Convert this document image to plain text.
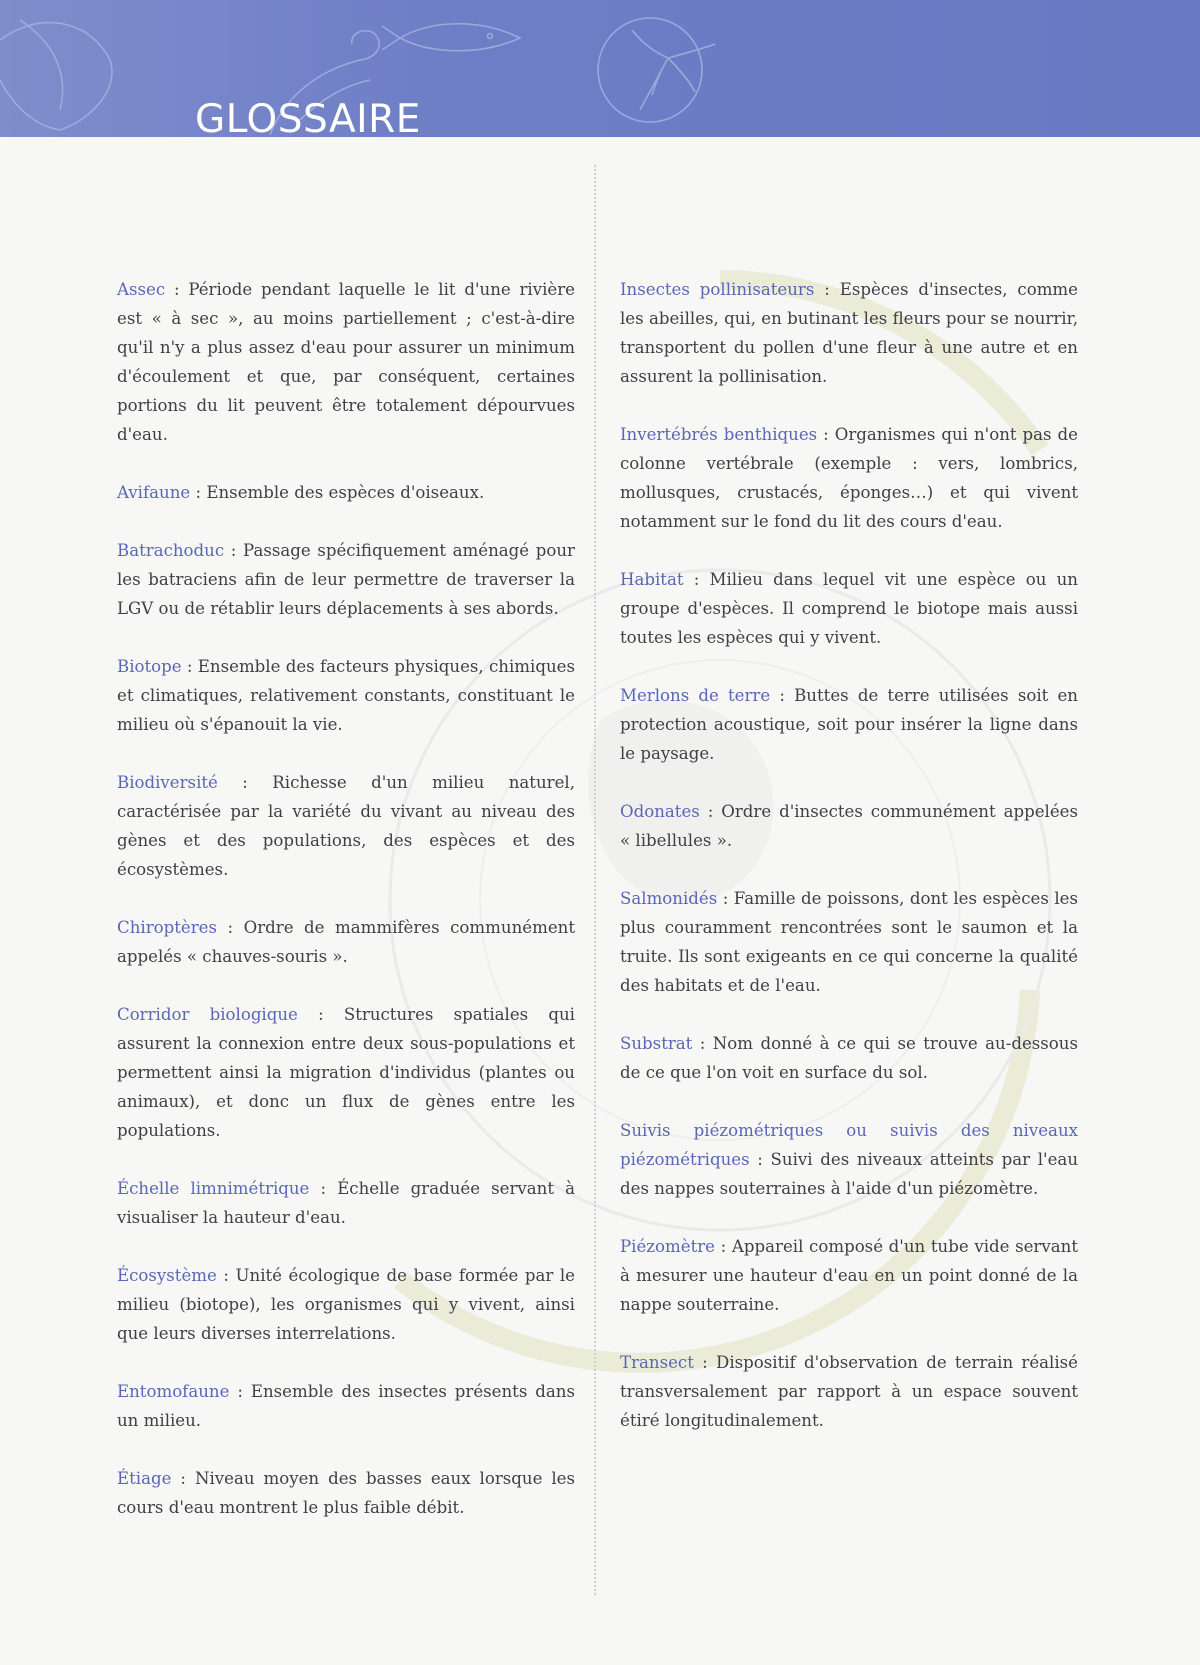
GLOSSAIRE

Assec : Période pendant laquelle le lit d'une rivière est « à sec », au moins partiellement ; c'est-à-dire qu'il n'y a plus assez d'eau pour assurer un minimum d'écoulement et que, par conséquent, certaines portions du lit peuvent être totalement dépourvues d'eau.

Avifaune : Ensemble des espèces d'oiseaux.

Batrachoduc : Passage spécifiquement aménagé pour les batraciens afin de leur permettre de traverser la LGV ou de rétablir leurs déplacements à ses abords.

Biotope : Ensemble des facteurs physiques, chimiques et climatiques, relativement constants, constituant le milieu où s'épanouit la vie.

Biodiversité : Richesse d'un milieu naturel, caractérisée par la variété du vivant au niveau des gènes et des populations, des espèces et des écosystèmes.

Chiroptères : Ordre de mammifères communément appelés « chauves-souris ».

Corridor biologique : Structures spatiales qui assurent la connexion entre deux sous-populations et permettent ainsi la migration d'individus (plantes ou animaux), et donc un flux de gènes entre les populations.

Échelle limnimétrique : Échelle graduée servant à visualiser la hauteur d'eau.

Écosystème : Unité écologique de base formée par le milieu (biotope), les organismes qui y vivent, ainsi que leurs diverses interrelations.

Entomofaune : Ensemble des insectes présents dans un milieu.

Étiage : Niveau moyen des basses eaux lorsque les cours d'eau montrent le plus faible débit.

Insectes pollinisateurs : Espèces d'insectes, comme les abeilles, qui, en butinant les fleurs pour se nourrir, transportent du pollen d'une fleur à une autre et en assurent la pollinisation.

Invertébrés benthiques : Organismes qui n'ont pas de colonne vertébrale (exemple : vers, lombrics, mollusques, crustacés, éponges…) et qui vivent notamment sur le fond du lit des cours d'eau.

Habitat : Milieu dans lequel vit une espèce ou un groupe d'espèces. Il comprend le biotope mais aussi toutes les espèces qui y vivent.

Merlons de terre : Buttes de terre utilisées soit en protection acoustique, soit pour insérer la ligne dans le paysage.

Odonates : Ordre d'insectes communément appelées « libellules ».

Salmonidés : Famille de poissons, dont les espèces les plus couramment rencontrées sont le saumon et la truite. Ils sont exigeants en ce qui concerne la qualité des habitats et de l'eau.

Substrat : Nom donné à ce qui se trouve au-dessous de ce que l'on voit en surface du sol.

Suivis piézométriques ou suivis des niveaux piézométriques : Suivi des niveaux atteints par l'eau des nappes souterraines à l'aide d'un piézomètre.

Piézomètre : Appareil composé d'un tube vide servant à mesurer une hauteur d'eau en un point donné de la nappe souterraine.

Transect : Dispositif d'observation de terrain réalisé transversalement par rapport à un espace souvent étiré longitudinalement.
